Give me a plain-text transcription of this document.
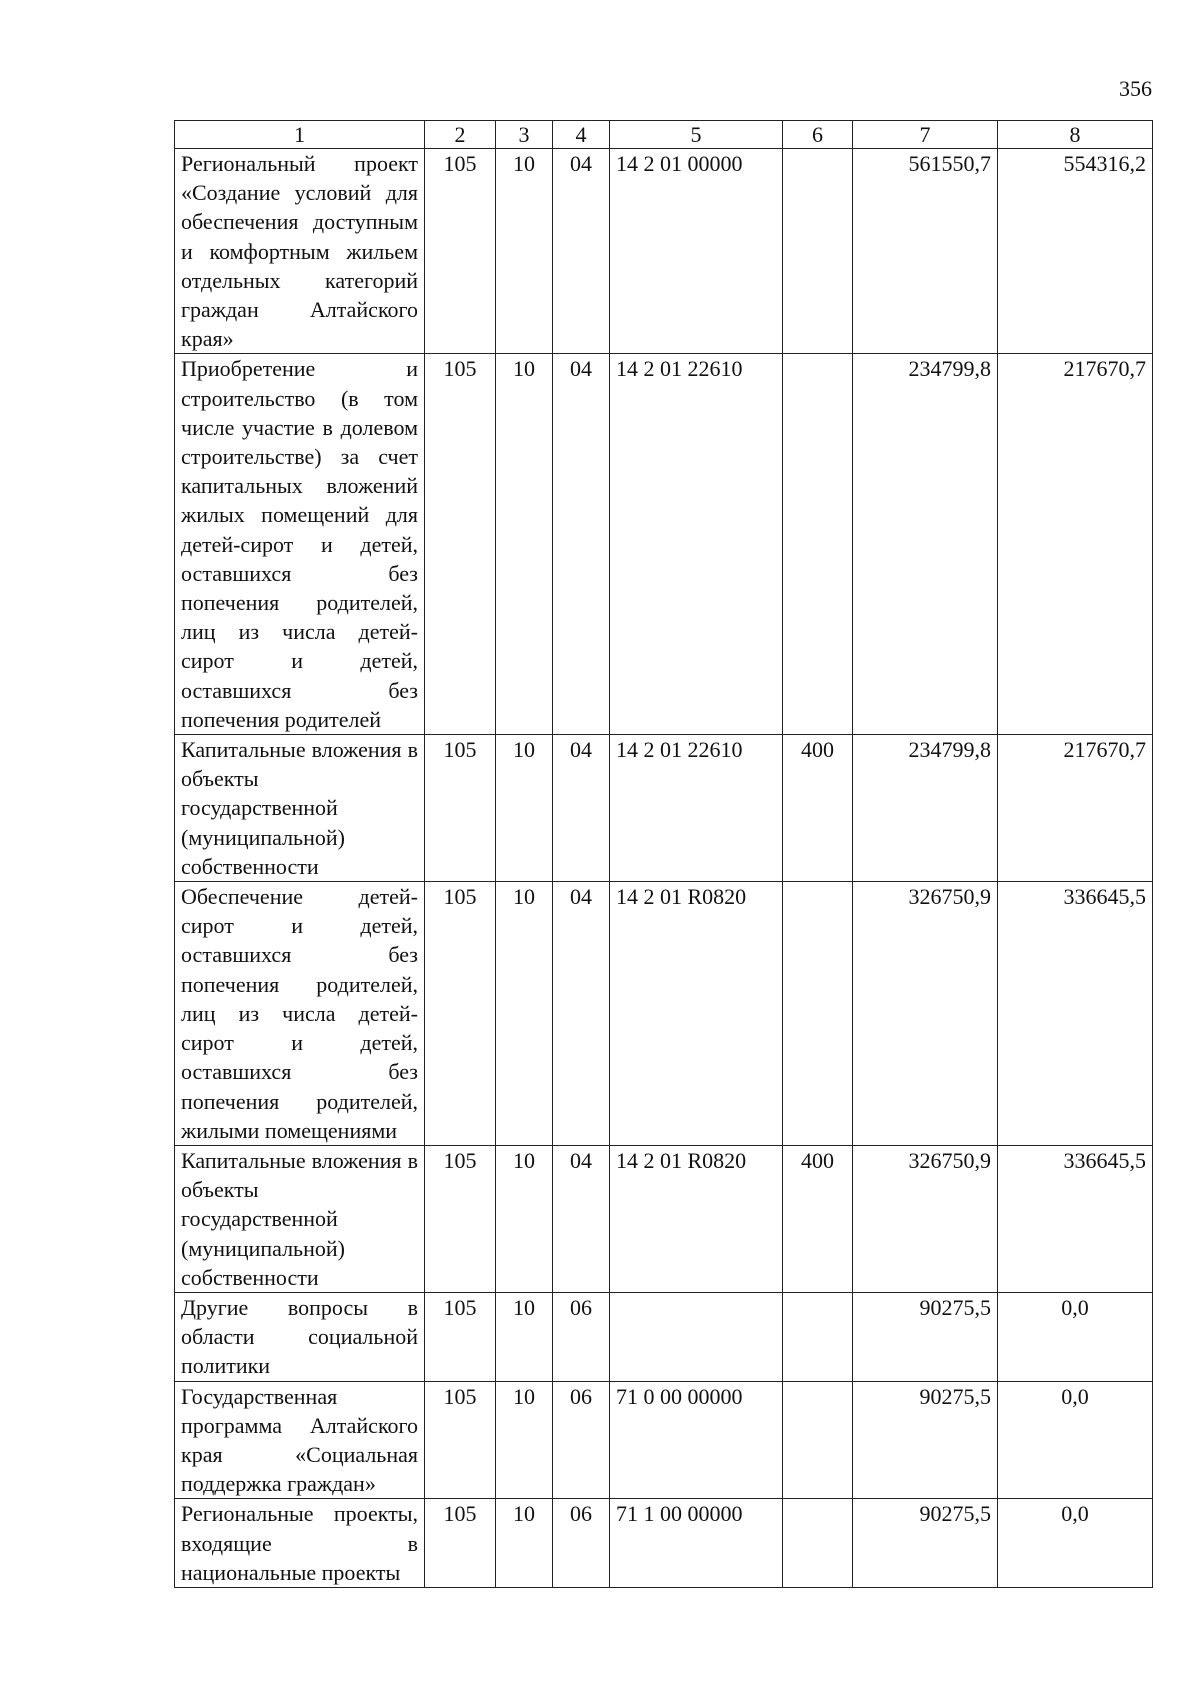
356
1	2	3	4	5	6	7	8
Региональный проект «Создание условий для обеспечения доступным и комфортным жильем отдельных категорий граждан Алтайского края»	105	10	04	14 2 01 00000		561550,7	554316,2
Приобретение и строительство (в том числе участие в долевом строительстве) за счет капитальных вложений жилых помещений для детей-сирот и детей, оставшихся без попечения родителей, лиц из числа детей-сирот и детей, оставшихся без попечения родителей	105	10	04	14 2 01 22610		234799,8	217670,7
Капитальные вложения в объекты государственной (муниципальной) собственности	105	10	04	14 2 01 22610	400	234799,8	217670,7
Обеспечение детей-сирот и детей, оставшихся без попечения родителей, лиц из числа детей-сирот и детей, оставшихся без попечения родителей, жилыми помещениями	105	10	04	14 2 01 R0820		326750,9	336645,5
Капитальные вложения в объекты государственной (муниципальной) собственности	105	10	04	14 2 01 R0820	400	326750,9	336645,5
Другие вопросы в области социальной политики	105	10	06			90275,5	0,0
Государственная программа Алтайского края «Социальная поддержка граждан»	105	10	06	71 0 00 00000		90275,5	0,0
Региональные проекты, входящие в национальные проекты	105	10	06	71 1 00 00000		90275,5	0,0
